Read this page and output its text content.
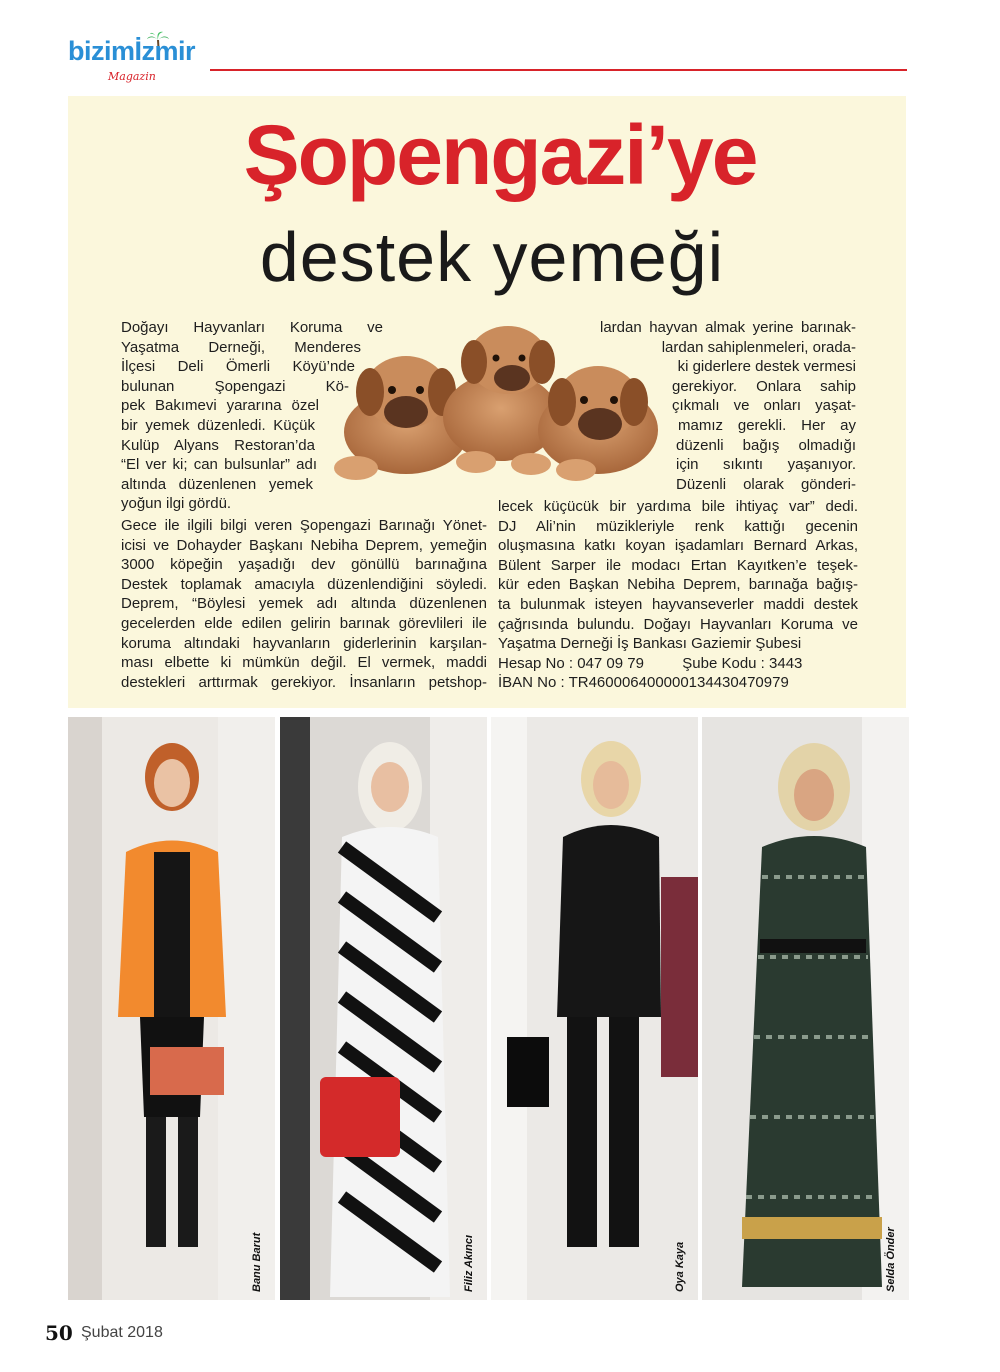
bizimİzmir
Magazin
Şopengazi’ye
destek yemeği
Doğayı Hayvanları Koruma ve
Yaşatma Derneği, Menderes
İlçesi Deli Ömerli Köyü’nde
bulunan Şopengazi Kö-
pek Bakımevi yararına özel
bir yemek düzenledi. Küçük
Kulüp Alyans Restoran’da
“El ver ki; can bulsunlar” adı
altında düzenlenen yemek
yoğun ilgi gördü.
Gece ile ilgili bilgi veren Şopengazi Barınağı Yönet-
icisi ve Dohayder Başkanı Nebiha Deprem, yemeğin
3000 köpeğin yaşadığı dev gönüllü barınağına
Destek toplamak amacıyla düzenlendiğini söyledi.
Deprem, “Böylesi yemek adı altında düzenlenen
gecelerden elde edilen gelirin barınak görevlileri ile
koruma altındaki hayvanların giderlerinin karşılan-
ması elbette ki mümkün değil. El vermek, maddi
destekleri arttırmak gerekiyor. İnsanların petshop-
lardan hayvan almak yerine barınak-
lardan sahiplenmeleri, orada-
ki giderlere destek vermesi
gerekiyor. Onlara sahip
çıkmalı ve onları yaşat-
mamız gerekli. Her ay
düzenli bağış olmadığı
için sıkıntı yaşanıyor.
Düzenli olarak gönderi-
lecek küçücük bir yardıma bile ihtiyaç var” dedi.
DJ Ali’nin müzikleriyle renk kattığı gecenin
oluşmasına katkı koyan işadamları Bernard Arkas,
Bülent Sarper ile modacı Ertan Kayıtken’e teşek-
kür eden Başkan Nebiha Deprem, barınağa bağış-
ta bulunmak isteyen hayvanseverler maddi destek
çağrısında bulundu. Doğayı Hayvanları Koruma ve
Yaşatma Derneği İş Bankası Gaziemir Şubesi
Hesap No : 047 09 79	Şube Kodu : 3443
İBAN No : TR460006400000134430470979
Banu Barut	Filiz Akıncı	Oya Kaya	Selda Önder
50 Şubat 2018
